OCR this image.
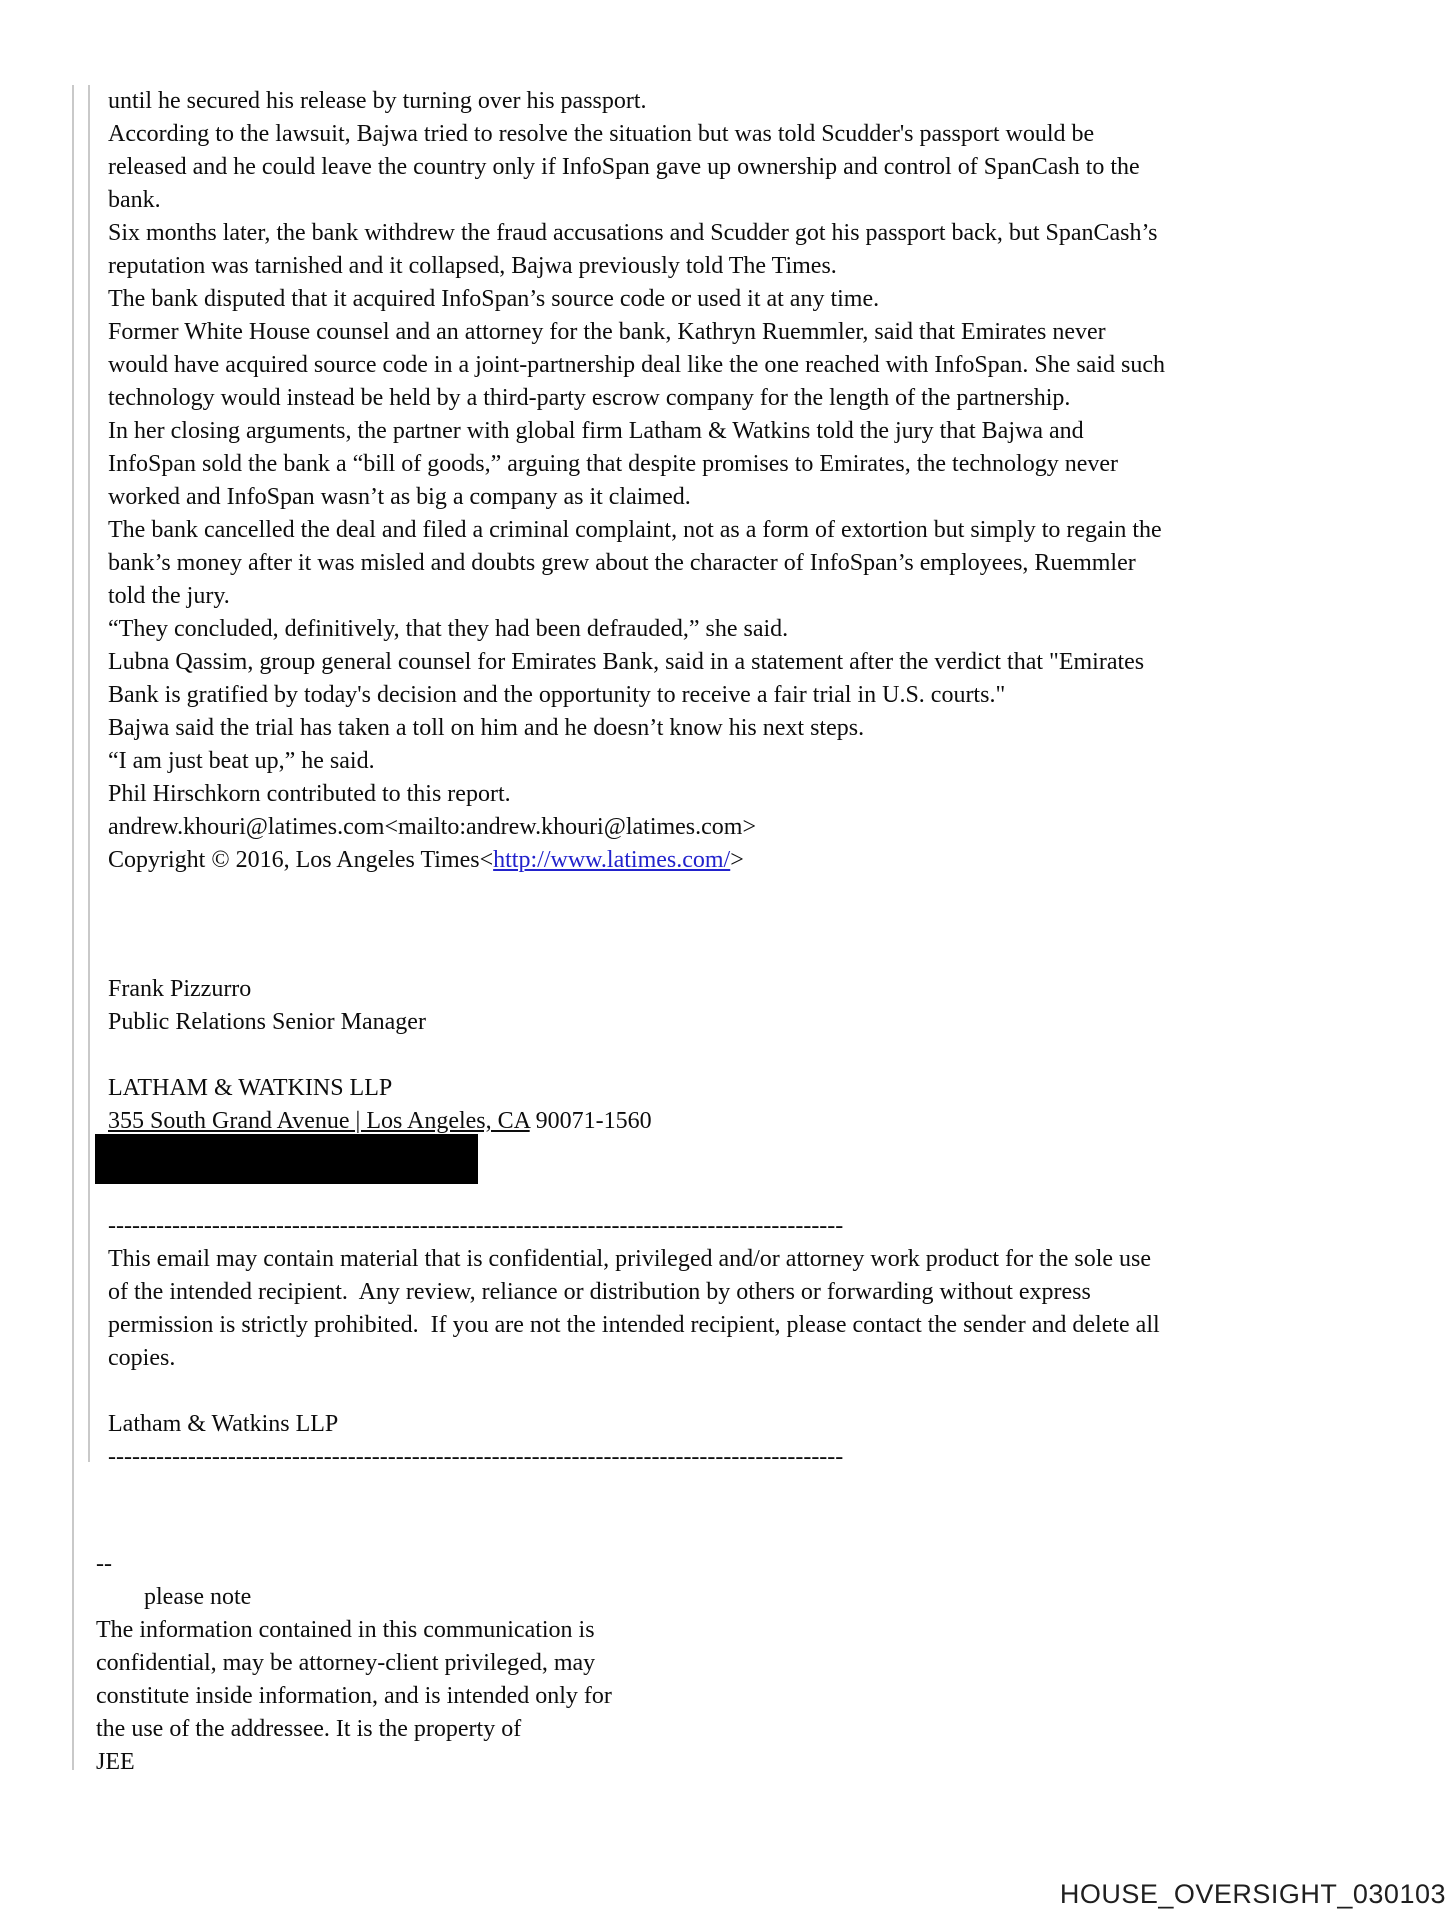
until he secured his release by turning over his passport.
According to the lawsuit, Bajwa tried to resolve the situation but was told Scudder's passport would be
released and he could leave the country only if InfoSpan gave up ownership and control of SpanCash to the
bank.
Six months later, the bank withdrew the fraud accusations and Scudder got his passport back, but SpanCash’s
reputation was tarnished and it collapsed, Bajwa previously told The Times.
The bank disputed that it acquired InfoSpan’s source code or used it at any time.
Former White House counsel and an attorney for the bank, Kathryn Ruemmler, said that Emirates never
would have acquired source code in a joint-partnership deal like the one reached with InfoSpan. She said such
technology would instead be held by a third-party escrow company for the length of the partnership.
In her closing arguments, the partner with global firm Latham & Watkins told the jury that Bajwa and
InfoSpan sold the bank a “bill of goods,” arguing that despite promises to Emirates, the technology never
worked and InfoSpan wasn’t as big a company as it claimed.
The bank cancelled the deal and filed a criminal complaint, not as a form of extortion but simply to regain the
bank’s money after it was misled and doubts grew about the character of InfoSpan’s employees, Ruemmler
told the jury.
“They concluded, definitively, that they had been defrauded,” she said.
Lubna Qassim, group general counsel for Emirates Bank, said in a statement after the verdict that "Emirates
Bank is gratified by today's decision and the opportunity to receive a fair trial in U.S. courts."
Bajwa said the trial has taken a toll on him and he doesn’t know his next steps.
“I am just beat up,” he said.
Phil Hirschkorn contributed to this report.
andrew.khouri@latimes.com<mailto:andrew.khouri@latimes.com>
Copyright © 2016, Los Angeles Times<http://www.latimes.com/>
Frank Pizzurro
Public Relations Senior Manager
LATHAM & WATKINS LLP
355 South Grand Avenue | Los Angeles, CA 90071-1560
--------------------------------------------------------------------------------------------
This email may contain material that is confidential, privileged and/or attorney work product for the sole use
of the intended recipient.  Any review, reliance or distribution by others or forwarding without express
permission is strictly prohibited.  If you are not the intended recipient, please contact the sender and delete all
copies.
Latham & Watkins LLP
--------------------------------------------------------------------------------------------
--
please note
The information contained in this communication is
confidential, may be attorney-client privileged, may
constitute inside information, and is intended only for
the use of the addressee. It is the property of
JEE
HOUSE_OVERSIGHT_030103
